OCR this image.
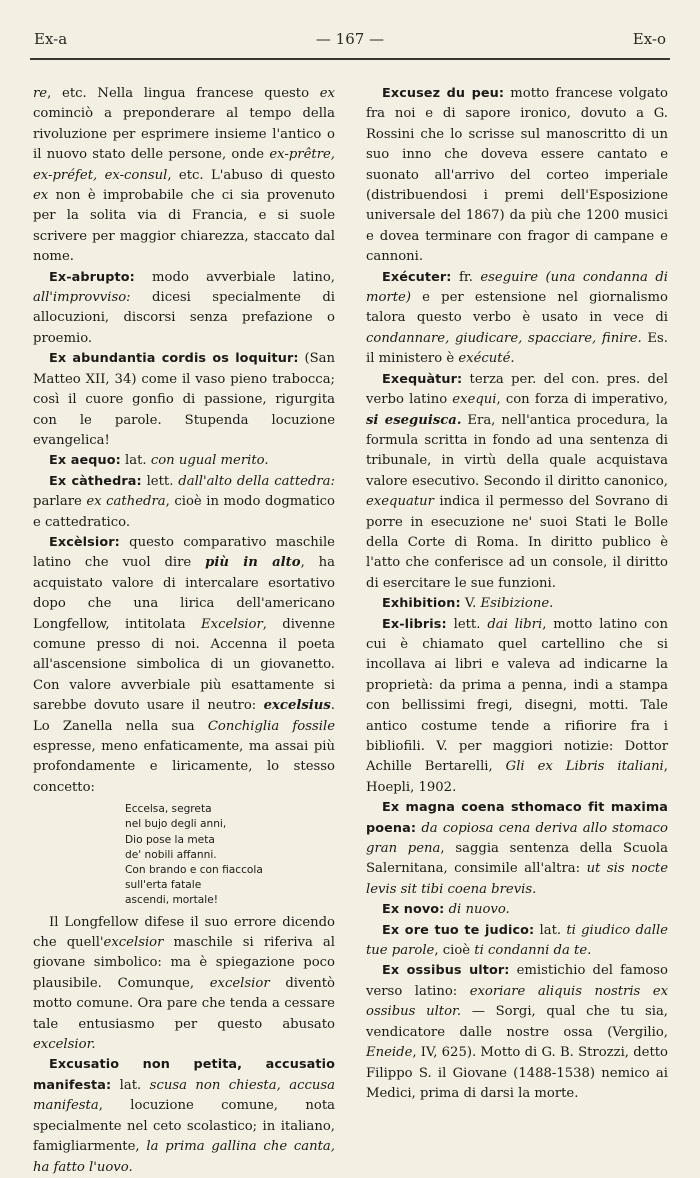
— 167 —
Ex-a	Ex-o

re, etc. Nella lingua francese questo ex cominciò a preponderare al tempo della rivoluzione per esprimere insieme l'antico o il nuovo stato delle persone, onde ex-prêtre, ex-préfet, ex-consul, etc. L'abuso di questo ex non è improbabile che ci sia provenuto per la solita via di Francia, e si suole scrivere per maggior chiarezza, staccato dal nome.

Ex-abrupto: modo avverbiale latino, all'improvviso: dicesi specialmente di allocuzioni, discorsi senza prefazione o proemio.

Ex abundantia cordis os loquitur: (San Matteo XII, 34) come il vaso pieno trabocca; così il cuore gonfio di passione, rigurgita con le parole. Stupenda locuzione evangelica!

Ex aequo: lat. con ugual merito.

Ex càthedra: lett. dall'alto della cattedra: parlare ex cathedra, cioè in modo dogmatico e cattedratico.

Excèlsior: questo comparativo maschile latino che vuol dire più in alto, ha acquistato valore di intercalare esortativo dopo che una lirica dell'americano Longfellow, intitolata Excelsior, divenne comune presso di noi. Accenna il poeta all'ascensione simbolica di un giovanetto. Con valore avverbiale più esattamente si sarebbe dovuto usare il neutro: excelsius. Lo Zanella nella sua Conchiglia fossile espresse, meno enfaticamente, ma assai più profondamente e liricamente, lo stesso concetto:

Eccelsa, segreta
nel bujo degli anni,
Dio pose la meta
de' nobili affanni.
Con brando e con fiaccola
sull'erta fatale
ascendi, mortale!

Il Longfellow difese il suo errore dicendo che quell'excelsior maschile si riferiva al giovane simbolico: ma è spiegazione poco plausibile. Comunque, excelsior diventò motto comune. Ora pare che tenda a cessare tale entusiasmo per questo abusato excelsior.

Excusatio non petita, accusatio manifesta: lat. scusa non chiesta, accusa manifesta, locuzione comune, nota specialmente nel ceto scolastico; in italiano, famigliarmente, la prima gallina che canta, ha fatto l'uovo.

Excusez du peu: motto francese volgato fra noi e di sapore ironico, dovuto a G. Rossini che lo scrisse sul manoscritto di un suo inno che doveva essere cantato e suonato all'arrivo del corteo imperiale (distribuendosi i premi dell'Esposizione universale del 1867) da più che 1200 musici e dovea terminare con fragor di campane e cannoni.

Exécuter: fr. eseguire (una condanna di morte) e per estensione nel giornalismo talora questo verbo è usato in vece di condannare, giudicare, spacciare, finire. Es. il ministero è exécuté.

Exequàtur: terza per. del con. pres. del verbo latino exequi, con forza di imperativo, si eseguisca. Era, nell'antica procedura, la formula scritta in fondo ad una sentenza di tribunale, in virtù della quale acquistava valore esecutivo. Secondo il diritto canonico, exequatur indica il permesso del Sovrano di porre in esecuzione ne' suoi Stati le Bolle della Corte di Roma. In diritto publico è l'atto che conferisce ad un console, il diritto di esercitare le sue funzioni.

Exhibition: V. Esibizione.

Ex-libris: lett. dai libri, motto latino con cui è chiamato quel cartellino che si incollava ai libri e valeva ad indicarne la proprietà: da prima a penna, indi a stampa con bellissimi fregi, disegni, motti. Tale antico costume tende a rifiorire fra i bibliofili. V. per maggiori notizie: Dottor Achille Bertarelli, Gli ex Libris italiani, Hoepli, 1902.

Ex magna coena sthomaco fit maxima poena: da copiosa cena deriva allo stomaco gran pena, saggia sentenza della Scuola Salernitana, consimile all'altra: ut sis nocte levis sit tibi coena brevis.

Ex novo: di nuovo.

Ex ore tuo te judico: lat. ti giudico dalle tue parole, cioè ti condanni da te.

Ex ossibus ultor: emistichio del famoso verso latino: exoriare aliquis nostris ex ossibus ultor. — Sorgi, qual che tu sia, vendicatore dalle nostre ossa (Vergilio, Eneide, IV, 625). Motto di G. B. Strozzi, detto Filippo S. il Giovane (1488-1538) nemico ai Medici, prima di darsi la morte.
